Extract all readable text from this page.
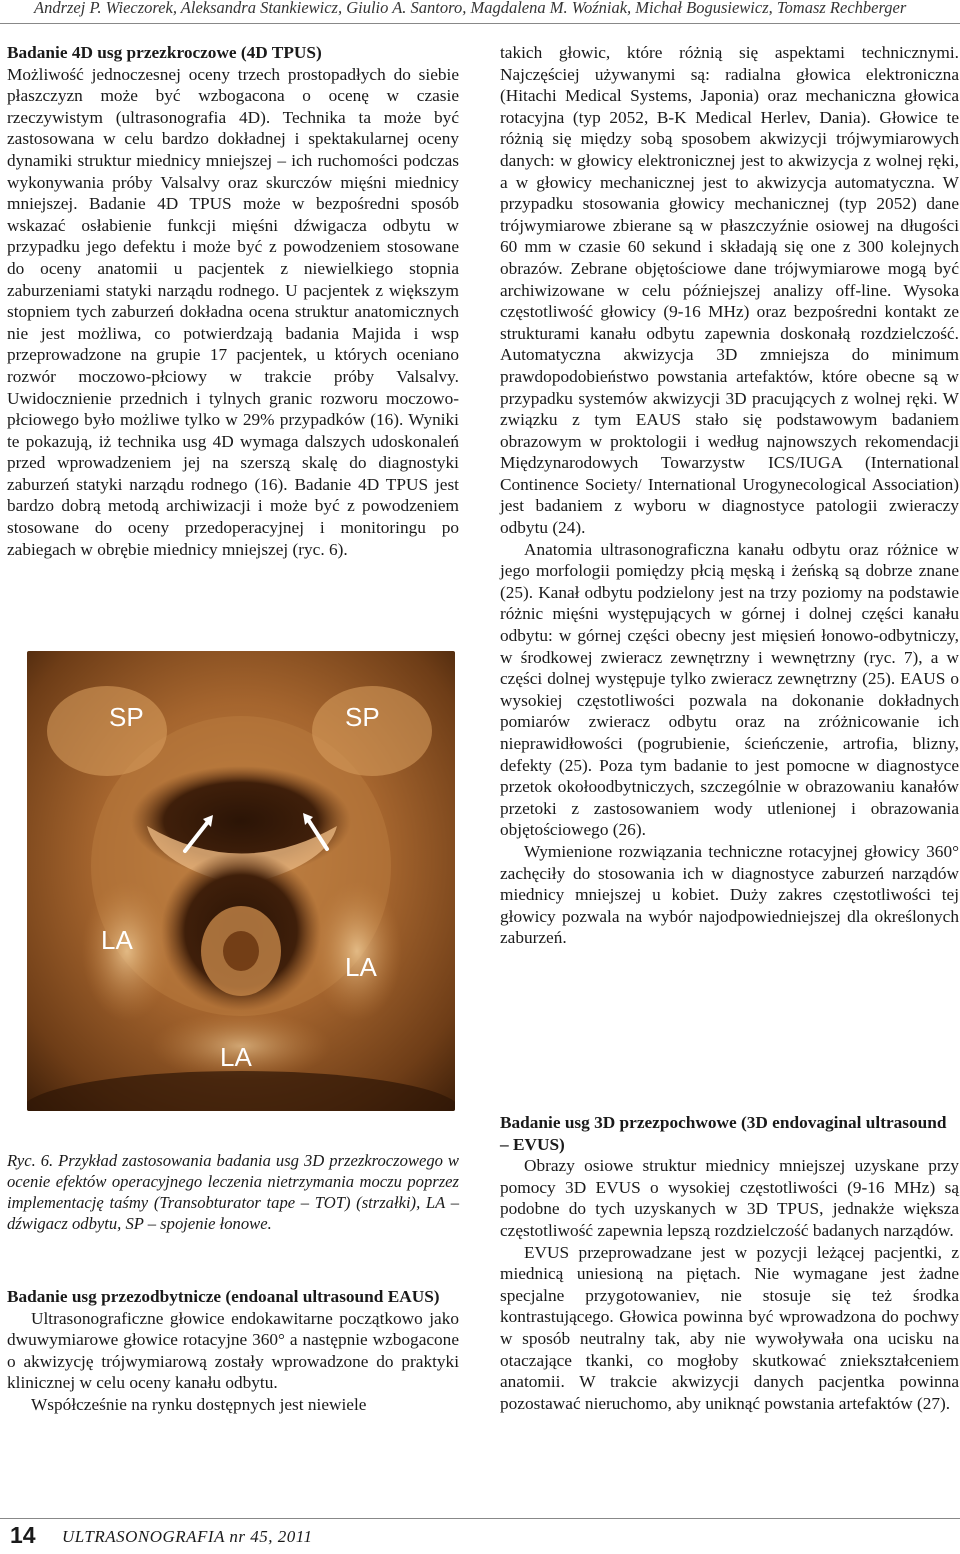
Andrzej P. Wieczorek, Aleksandra Stankiewicz, Giulio A. Santoro, Magdalena M. Woźniak, Michał Bogusiewicz, Tomasz Rechberger

Badanie 4D usg przezkroczowe (4D TPUS)

Możliwość jednoczesnej oceny trzech prostopadłych do siebie płaszczyzn może być wzbogacona o ocenę w czasie rzeczywistym (ultrasonografia 4D). Technika ta może być zastosowana w celu bardzo dokładnej i spektakularnej oceny dynamiki struktur miednicy mniejszej – ich ruchomości podczas wykonywania próby Valsalvy oraz skurczów mięśni miednicy mniejszej. Badanie 4D TPUS może w bezpośredni sposób wskazać osłabienie funkcji mięśni dźwigacza odbytu w przypadku jego defektu i może być z powodzeniem stosowane do oceny anatomii u pacjentek z niewielkiego stopnia zaburzeniami statyki narządu rodnego. U pacjentek z większym stopniem tych zaburzeń dokładna ocena struktur anatomicznych nie jest możliwa, co potwierdzają badania Majida i wsp przeprowadzone na grupie 17 pacjentek, u których oceniano rozwór moczowo-płciowy w trakcie próby Valsalvy. Uwidocznienie przednich i tylnych granic rozworu moczowo-płciowego było możliwe tylko w 29% przypadków (16). Wyniki te pokazują, iż technika usg 4D wymaga dalszych udoskonaleń przed wprowadzeniem jej na szerszą skalę do diagnostyki zaburzeń statyki narządu rodnego (16). Badanie 4D TPUS jest bardzo dobrą metodą archiwizacji i może być z powodzeniem stosowane do oceny przedoperacyjnej i monitoringu po zabiegach w obrębie miednicy mniejszej (ryc. 6).

SP	SP
LA
LA
LA

Ryc. 6. Przykład zastosowania badania usg 3D przezkroczowego w ocenie efektów operacyjnego leczenia nietrzymania moczu poprzez implementację taśmy (Transobturator tape – TOT) (strzałki), LA – dźwigacz odbytu, SP – spojenie łonowe.

Badanie usg przezodbytnicze (endoanal ultrasound EAUS)

Ultrasonograficzne głowice endokawitarne początkowo jako dwuwymiarowe głowice rotacyjne 360° a następnie wzbogacone o akwizycję trójwymiarową zostały wprowadzone do praktyki klinicznej w celu oceny kanału odbytu.

Współcześnie na rynku dostępnych jest niewiele

takich głowic, które różnią się aspektami technicznymi. Najczęściej używanymi są: radialna głowica elektroniczna (Hitachi Medical Systems, Japonia) oraz mechaniczna głowica rotacyjna (typ 2052, B-K Medical Herlev, Dania). Głowice te różnią się między sobą sposobem akwizycji trójwymiarowych danych: w głowicy elektronicznej jest to akwizycja z wolnej ręki, a w głowicy mechanicznej jest to akwizycja automatyczna. W przypadku stosowania głowicy mechanicznej (typ 2052) dane trójwymiarowe zbierane są w płaszczyźnie osiowej na długości 60 mm w czasie 60 sekund i składają się one z 300 kolejnych obrazów. Zebrane objętościowe dane trójwymiarowe mogą być archiwizowane w celu późniejszej analizy off-line. Wysoka częstotliwość głowicy (9-16 MHz) oraz bezpośredni kontakt ze strukturami kanału odbytu zapewnia doskonałą rozdzielczość. Automatyczna akwizycja 3D zmniejsza do minimum prawdopodobieństwo powstania artefaktów, które obecne są w przypadku systemów akwizycji 3D pracujących z wolnej ręki. W związku z tym EAUS stało się podstawowym badaniem obrazowym w proktologii i według najnowszych rekomendacji Międzynarodowych Towarzystw ICS/IUGA (International Continence Society/ International Urogynecological Association) jest badaniem z wyboru w diagnostyce patologii zwieraczy odbytu (24).

Anatomia ultrasonograficzna kanału odbytu oraz różnice w jego morfologii pomiędzy płcią męską i żeńską są dobrze znane (25). Kanał odbytu podzielony jest na trzy poziomy na podstawie różnic mięśni występujących w górnej i dolnej części kanału odbytu: w górnej części obecny jest mięsień łonowo-odbytniczy, w środkowej zwieracz zewnętrzny i wewnętrzny (ryc. 7), a w części dolnej występuje tylko zwieracz zewnętrzny (25). EAUS o wysokiej częstotliwości pozwala na dokonanie dokładnych pomiarów zwieracz odbytu oraz na zróżnicowanie ich nieprawidłowości (pogrubienie, ścieńczenie, artrofia, blizny, defekty (25). Poza tym badanie to jest pomocne w diagnostyce przetok okołoodbytniczych, szczególnie w obrazowaniu kanałów przetoki z zastosowaniem wody utlenionej i obrazowania objętościowego (26).

Wymienione rozwiązania techniczne rotacyjnej głowicy 360° zachęciły do stosowania ich w diagnostyce zaburzeń narządów miednicy mniejszej u kobiet. Duży zakres częstotliwości tej głowicy pozwala na wybór najodpowiedniejszej dla określonych zaburzeń.

Badanie usg 3D przezpochwowe (3D endovaginal ultrasound – EVUS)

Obrazy osiowe struktur miednicy mniejszej uzyskane przy pomocy 3D EVUS o wysokiej częstotliwości (9-16 MHz) są podobne do tych uzyskanych w 3D TPUS, jednakże większa częstotliwość zapewnia lepszą rozdzielczość badanych narządów.

EVUS przeprowadzane jest w pozycji leżącej pacjentki, z miednicą uniesioną na piętach. Nie wymagane jest żadne specjalne przygotowaniev, nie stosuje się też środka kontrastującego. Głowica powinna być wprowadzona do pochwy w sposób neutralny tak, aby nie wywoływała ona ucisku na otaczające tkanki, co mogłoby skutkować zniekształceniem anatomii. W trakcie akwizycji danych pacjentka powinna pozostawać nieruchomo, aby uniknąć powstania artefaktów (27).

14 ULTRASONOGRAFIA nr 45, 2011
